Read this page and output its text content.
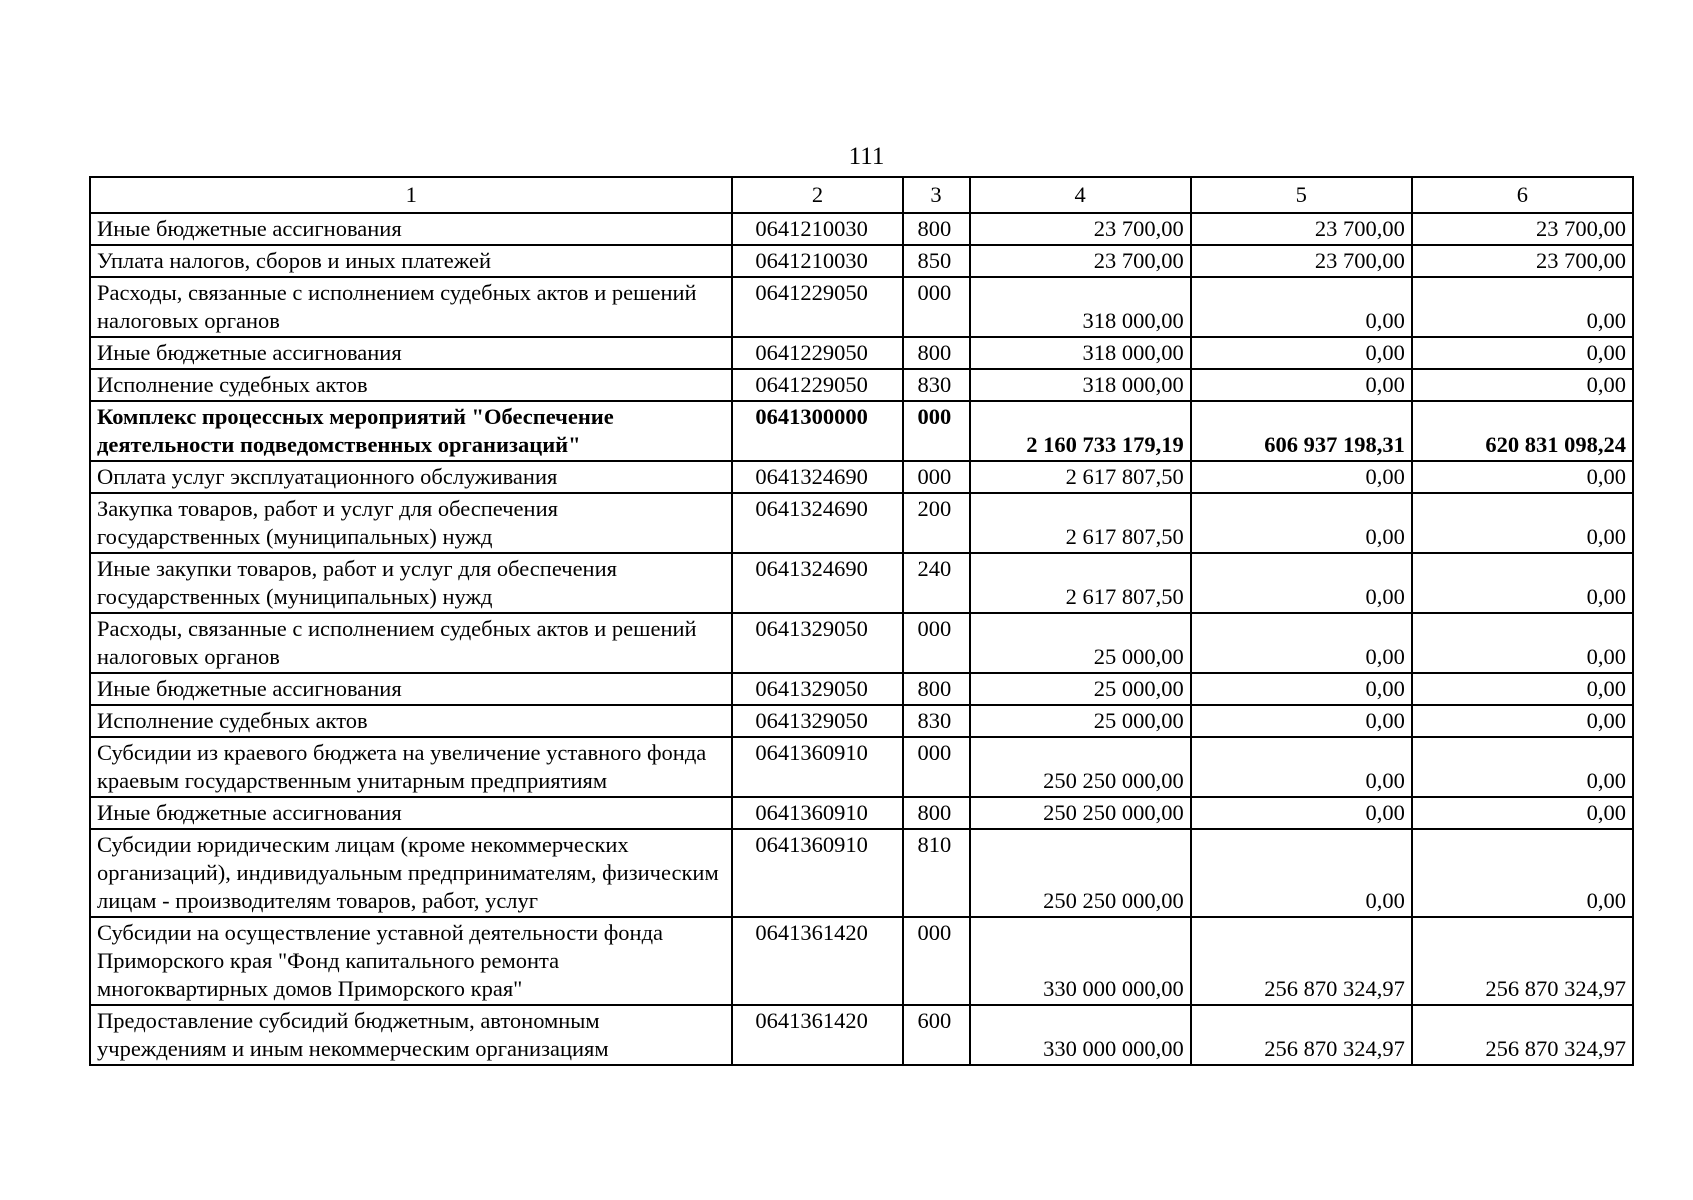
111
1	2	3	4	5	6
Иные бюджетные ассигнования	0641210030	800	23 700,00	23 700,00	23 700,00
Уплата налогов, сборов и иных платежей	0641210030	850	23 700,00	23 700,00	23 700,00
Расходы, связанные с исполнением судебных актов и решений налоговых органов	0641229050	000	318 000,00	0,00	0,00
Иные бюджетные ассигнования	0641229050	800	318 000,00	0,00	0,00
Исполнение судебных актов	0641229050	830	318 000,00	0,00	0,00
Комплекс процессных мероприятий "Обеспечение деятельности подведомственных организаций"	0641300000	000	2 160 733 179,19	606 937 198,31	620 831 098,24
Оплата услуг эксплуатационного обслуживания	0641324690	000	2 617 807,50	0,00	0,00
Закупка товаров, работ и услуг для обеспечения государственных (муниципальных) нужд	0641324690	200	2 617 807,50	0,00	0,00
Иные закупки товаров, работ и услуг для обеспечения государственных (муниципальных) нужд	0641324690	240	2 617 807,50	0,00	0,00
Расходы, связанные с исполнением судебных актов и решений налоговых органов	0641329050	000	25 000,00	0,00	0,00
Иные бюджетные ассигнования	0641329050	800	25 000,00	0,00	0,00
Исполнение судебных актов	0641329050	830	25 000,00	0,00	0,00
Субсидии из краевого бюджета на увеличение уставного фонда краевым государственным унитарным предприятиям	0641360910	000	250 250 000,00	0,00	0,00
Иные бюджетные ассигнования	0641360910	800	250 250 000,00	0,00	0,00
Субсидии юридическим лицам (кроме некоммерческих организаций), индивидуальным предпринимателям, физическим лицам - производителям товаров, работ, услуг	0641360910	810	250 250 000,00	0,00	0,00
Субсидии на осуществление уставной деятельности фонда Приморского края "Фонд капитального ремонта многоквартирных домов Приморского края"	0641361420	000	330 000 000,00	256 870 324,97	256 870 324,97
Предоставление субсидий бюджетным, автономным учреждениям и иным некоммерческим организациям	0641361420	600	330 000 000,00	256 870 324,97	256 870 324,97
